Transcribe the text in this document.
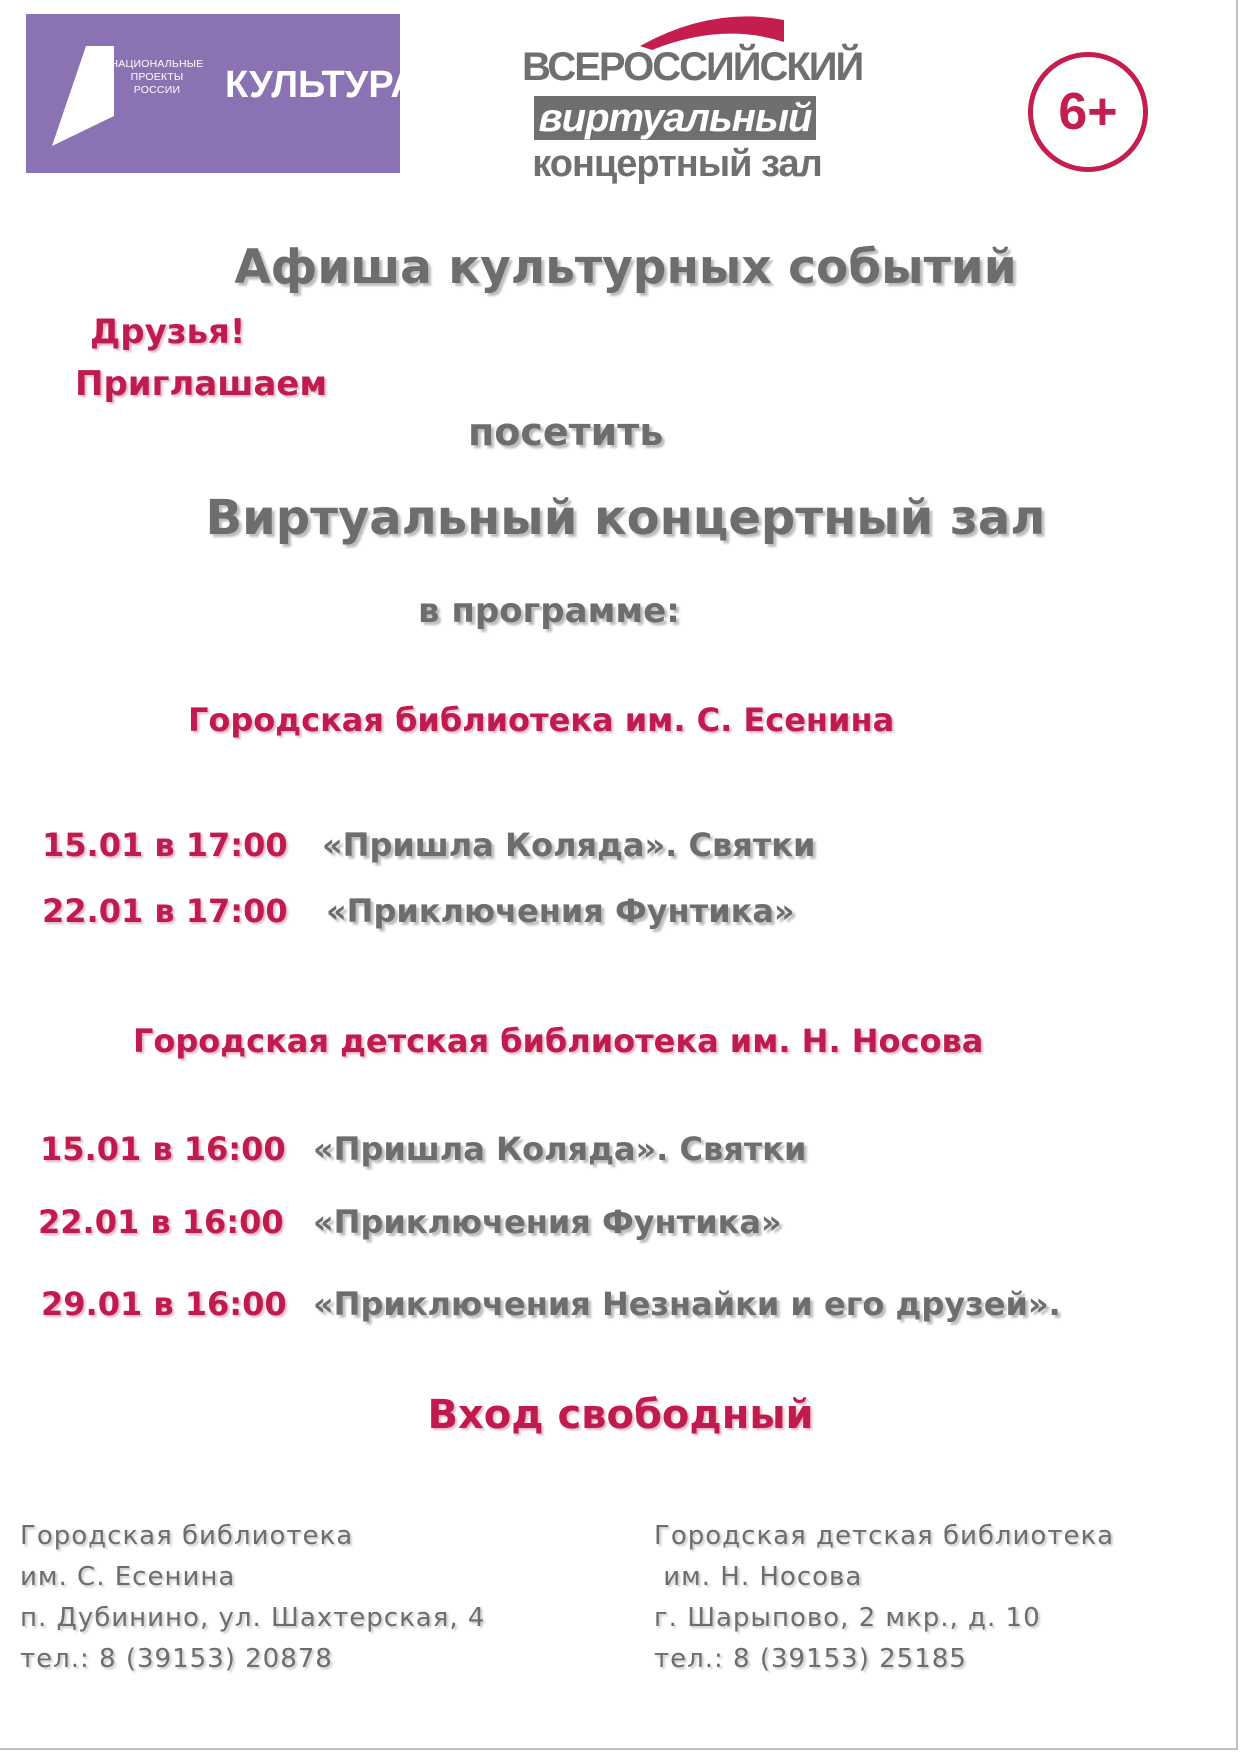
НАЦИОНАЛЬНЫЕ
ПРОЕКТЫ
РОССИИ	КУЛЬТУРА	ВСЕРОССИЙСКИЙ
виртуальный
концертный зал
6+
Афиша культурных событий
Друзья!
Приглашаем
посетить
Виртуальный концертный зал
в программе:
Городская библиотека им. С. Есенина
15.01 в 17:00 «Пришла Коляда». Святки
22.01 в 17:00 «Приключения Фунтика»
Городская детская библиотека им. Н. Носова
15.01 в 16:00 «Пришла Коляда». Святки
22.01 в 16:00 «Приключения Фунтика»
29.01 в 16:00 «Приключения Незнайки и его друзей».
Вход свободный
Городская библиотека
им. С. Есенина
п. Дубинино, ул. Шахтерская, 4
тел.: 8 (39153) 20878
Городская детская библиотека
им. Н. Носова
г. Шарыпово, 2 мкр., д. 10
тел.: 8 (39153) 25185
